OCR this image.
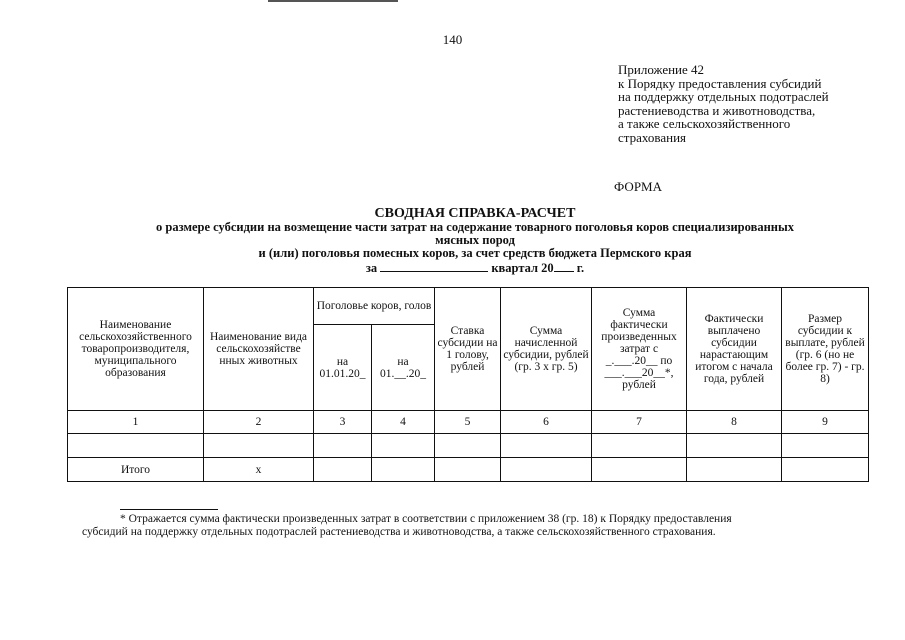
140
Приложение 42
к Порядку предоставления субсидий
на поддержку отдельных подотраслей
растениеводства и животноводства,
а также сельскохозяйственного
страхования
ФОРМА
СВОДНАЯ СПРАВКА-РАСЧЕТ
о размере субсидии на возмещение части затрат на содержание товарного поголовья коров специализированных
мясных пород
и (или) поголовья помесных коров, за счет средств бюджета Пермского края
за	квартал 20 г.
Наименование сельскохозяйственного товаропроизводителя, муниципального образования	Наименование вида сельскохозяйстве нных животных	Поголовье коров, голов		Ставка субсидии на 1 голову, рублей	Сумма начисленной субсидии, рублей (гр. 3 х гр. 5)	Сумма фактически произведенных затрат с _.___.20__ по ___.___20__*, рублей	Фактически выплачено субсидии нарастающим итогом с начала года, рублей	Размер субсидии к выплате, рублей (гр. 6 (но не более гр. 7) - гр. 8)
		на 01.01.20_	на 01.__.20_					
1	2	3	4	5	6	7	8	9

Итого	х							
* Отражается сумма фактически произведенных затрат в соответствии с приложением 38 (гр. 18) к Порядку предоставления
субсидий на поддержку отдельных подотраслей растениеводства и животноводства, а также сельскохозяйственного страхования.
